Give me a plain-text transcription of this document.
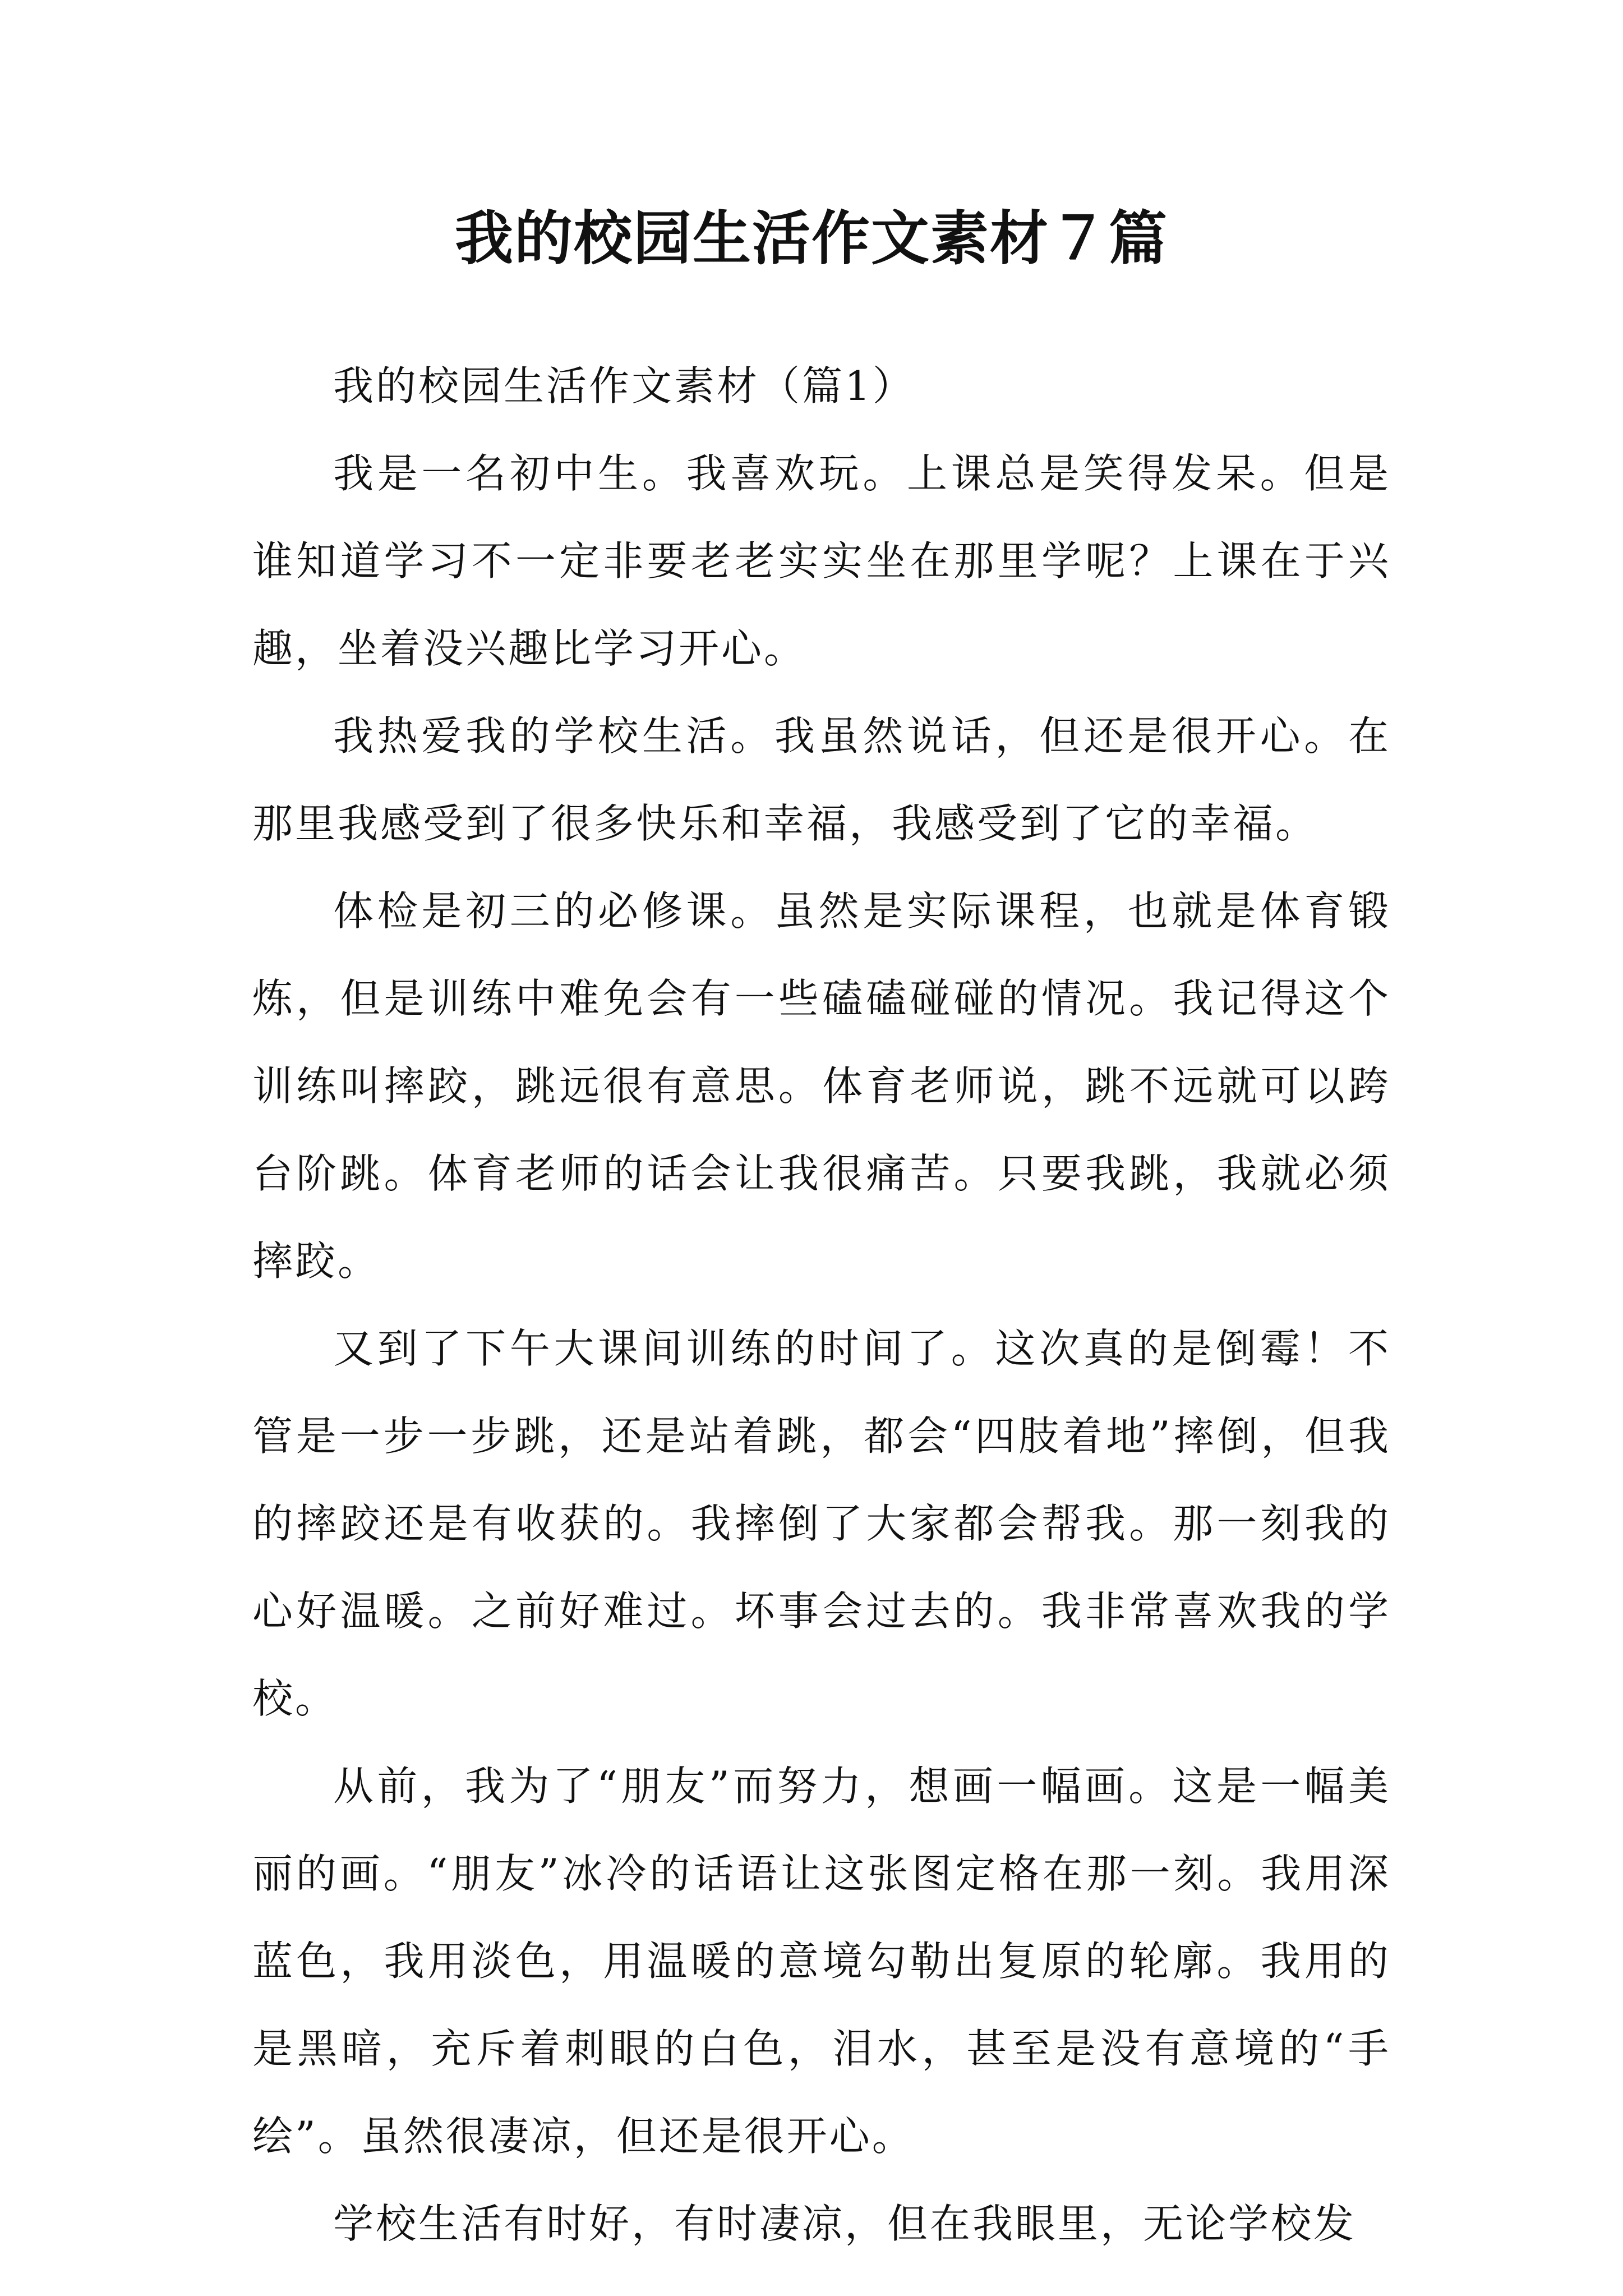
我的校园生活作文素材７篇

我的校园生活作文素材（篇1）

我是一名初中生。我喜欢玩。上课总是笑得发呆。但是谁知道学习不一定非要老老实实坐在那里学呢？上课在于兴趣，坐着没兴趣比学习开心。

我热爱我的学校生活。我虽然说话，但还是很开心。在那里我感受到了很多快乐和幸福，我感受到了它的幸福。

体检是初三的必修课。虽然是实际课程，也就是体育锻炼，但是训练中难免会有一些磕磕碰碰的情况。我记得这个训练叫摔跤，跳远很有意思。体育老师说，跳不远就可以跨台阶跳。体育老师的话会让我很痛苦。只要我跳，我就必须摔跤。

又到了下午大课间训练的时间了。这次真的是倒霉！不管是一步一步跳，还是站着跳，都会“四肢着地”摔倒，但我的摔跤还是有收获的。我摔倒了大家都会帮我。那一刻我的心好温暖。之前好难过。坏事会过去的。我非常喜欢我的学校。

从前，我为了“朋友”而努力，想画一幅画。这是一幅美丽的画。“朋友”冰冷的话语让这张图定格在那一刻。我用深蓝色，我用淡色，用温暖的意境勾勒出复原的轮廓。我用的是黑暗，充斥着刺眼的白色，泪水，甚至是没有意境的“手绘”。虽然很凄凉，但还是很开心。

学校生活有时好，有时凄凉，但在我眼里，无论学校发
